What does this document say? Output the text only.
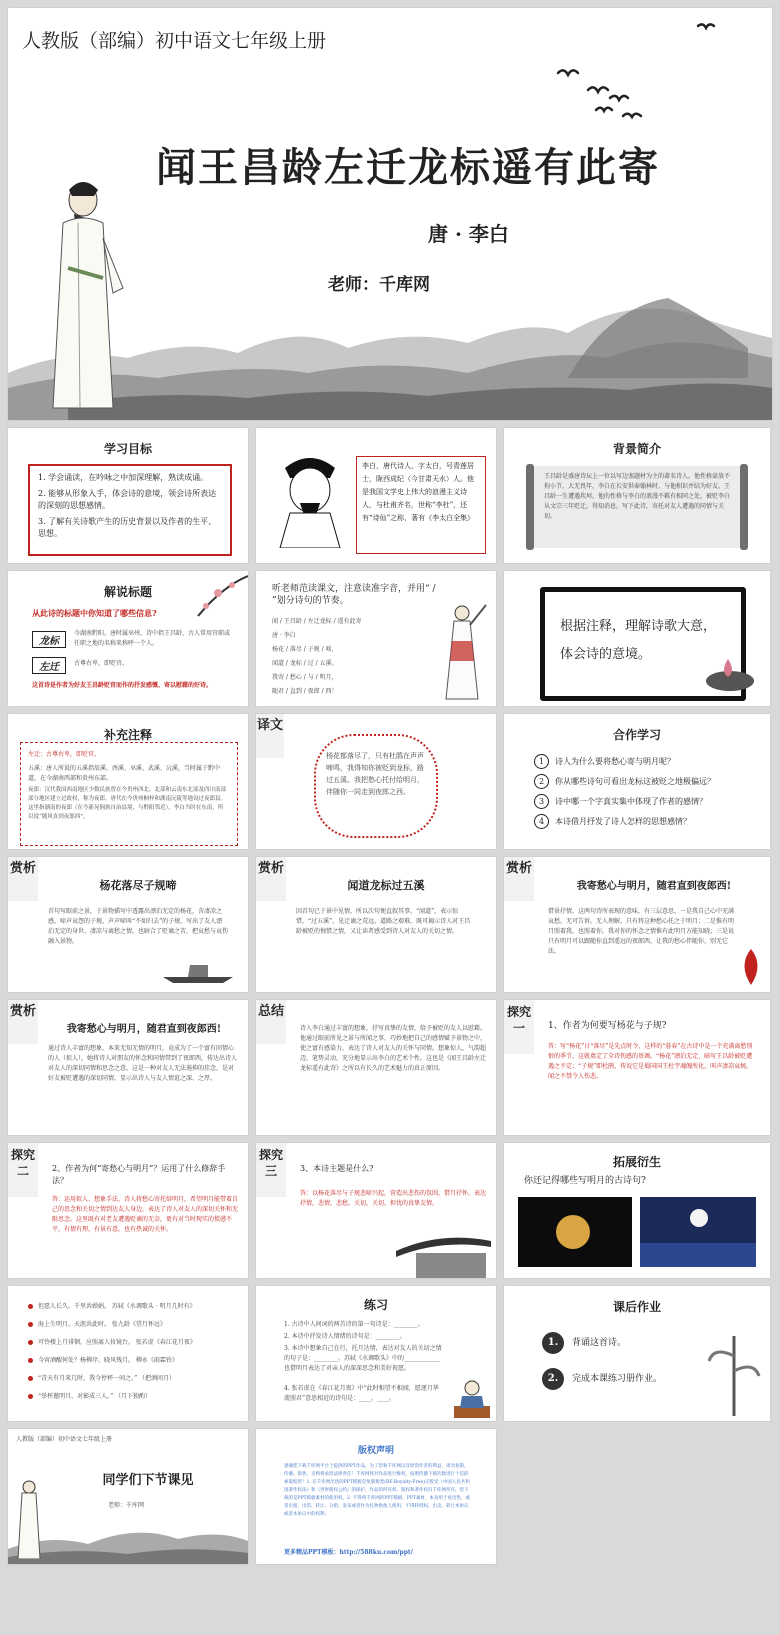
人教版（部编）初中语文七年级上册
闻王昌龄左迁龙标遥有此寄
唐 · 李白
老师：千库网
学习目标
1. 学会诵读，在吟咏之中加深理解，熟读成诵。
2. 能够从形象入手，体会诗的意境，领会诗所表达的深刻的思想感情。
3. 了解有关诗歌产生的历史背景以及作者的生平、思想。
李白，唐代诗人，字太白，号青莲居士，陇西成纪（今甘肃天水）人。他是我国文学史上伟大的浪漫主义诗人，与杜甫齐名，世称“李杜”，还有“诗仙”之称，著有《李太白全集》
背景简介
王昌龄是盛唐诗坛上一位以写边塞题材为主的著名诗人。他性格豪放不拘小节，大无畏年，李白在长安供奉翰林时，与他相识并结为好友。王昌龄一生遭遇坎坷，他的性格与李白的浪漫不羁有相同之处，被贬李白从文宗三年贬迁，得知消息，写下此诗，寄托对友人遭遇的同情与关切。
解说标题
从此诗的标题中你知道了哪些信息?
龙标
今湖南黔阳。唐时属巫州，诗中指王昌龄，古人常用官职或任职之地的名称来称呼一个人。
左迁	古尊右卑，即贬官。
这首诗是作者为好友王昌龄贬官而作的抒发感慨、寄以慰藉的好诗。
听老师范读课文，注意读准字音，并用“ / ”划分诗句的节奏。
闻 / 王昌龄 / 左迁龙标 / 遥有此寄
唐 · 李白
杨花 / 落尽 / 子规 / 啼，
闻道 / 龙标 / 过 / 五溪。
我寄 / 愁心 / 与 / 明月，
随君 / 直到 / 夜郎 / 西！
根据注释，理解诗歌大意，体会诗的意境。
补充注释
左迁：古尊右卑，即贬官。
五溪：唐人所说的五溪指辰溪、酉溪、巫溪、武溪、沅溪，当时属于黔中道，在今湖南西部和贵州东部。
夜郎：汉代我国西南地区少数民族曾在今贵州西北、北部和云南东北部及四川南部部分地区建立过政权，称为夜郎。唐代在今贵州桐梓和湖南沅陵等地设过夜郎县。这里指湖南的夜郎（在今新晃侗族自治县境，与黔阳邻近），李白当时在东南，所以说“随风直到夜郎西”。
译文
杨花都落尽了，只有杜鹃在声声啼鸣，我得知你被贬到龙标，路过五溪。我把愁心托付给明月，伴随你一同走到夜郎之西。
合作学习
1 诗人为什么要将愁心寄与明月呢？
2 你从哪些诗句可看出龙标这被贬之地极偏远？
3 诗中哪一个字真实集中体现了作者的感情？
4 本诗借月抒发了诗人怎样的思想感情？
赏析
杨花落尽子规啼
首句写眼前之景，于景物描写中透露出漂泊无定的杨花，含凄凉之感，啼声哀怨的子规，声声啼叫“不如归去”的子规，写出了友人漂泊无定的身世、凄凉与离愁之情，也暗合了贬谪之苦，把哀愁与哀伤融入景物。
赏析
闻道龙标过五溪
因首句已于景中见情，所以次句便直叙其事，“闻道”，表示惊惜，“过五溪”，见迁谪之荒远，道路之艰难，既可揭示诗人对王昌龄被贬的惋惜之情，又让读者感受到诗人对友人的关切之情。
赏析
我寄愁心与明月，随君直到夜郎西!
借景抒情，这两句诗所表现的意味，有三层意思，一是我自己心中充满哀愁，无可告诉，无人理解，只有将这种愁心托之于明月；二是惟有明月照着我，也照着你，我对你的怀念之情惟有此明月方能知晓；三是说只有明月可以跟随你直到遥远的夜郎西，让我的愁心伴随你，别无它法。
赏析
我寄愁心与明月，随君直到夜郎西!
通过诗人丰富的想象，本来无知无情的明月，竟成为了一个富有同情心的人（拟人），她将诗人对朋友的怀念和同情带到了夜郎西，传达出诗人对友人的深切同情和思念之意，这是一种对友人无法遏抑的挂念，是对好友被贬遭遇的深切同情，显示出诗人与友人情谊之深、之厚。
总结
诗人李白通过丰富的想象，抒写真挚的友情，给予被贬的友人以慰藉。他通过眼前所见之景与所闻之事，巧妙地把自己的感情赋予景物之中，使之富有感染力，表达了诗人对友人的关怀与同情。想象惊人，气韵超迈，笔势灵动，充分地显示出李白的艺术个性。这也是《闻王昌龄左迁龙标遥有此寄》之所以有长久的艺术魅力的真正原因。
探究一	1、作者为何要写杨花与子规?
答：写“杨花”日“落尽”是先点时令，这样的“暮春”在古诗中是一个充满离愁别恨的季节，这就奠定了全诗伤感的基调。“杨花”漂泊无定，暗写王昌龄被贬遭遇之不定；“子规”即杜鹃，传说它是蜀国国王杜宇魂魄所化，叫声凄凉哀婉，闻之不禁令人伤悲。
探究二	2、作者为何“寄愁心与明月”？运用了什么修辞手法？
答：运用拟人、想象手法，诗人将愁心寄托给明月，希望明月能带着自己的思念和关切之情到达友人身边，表达了诗人对友人的深切关怀和无限思念。这里既有对老友遭遇贬谪的无奈，更有对当时现实的愤懑不平，有情有理，有景有意，也有热诚的关怀。
探究三	3、本诗主题是什么?
答：以杨花落尽与子规悲啼兴起，营造出悲伤的氛围，借月抒怀，表达抒情，悲情，悲愁，关切，关切，担忧的真挚友情。
拓展衍生
你还记得哪些写明月的古诗句?
但愿人长久，千里共婵娟。 苏轼《水调歌头 · 明月几时有》
海上生明月，天涯共此时。 张九龄《望月怀远》
可怜楼上月徘徊，应照离人妆镜台。 张若虚《春江花月夜》
今宵酒醒何处？杨柳岸、晓风残月。 柳永《雨霖铃》
“青天有月来几时，我今停杯一问之。” （把酒问月）
“举杯邀明月，对影成三人。” （月下独酌）
练习
1. 古诗中人间词的两首诗的第一句诗是：________。
2. 本诗中抒发诗人情绪的诗句是：________。
3. 本诗中想象自己在行，托月达情，表达对友人的关切之情的句子是：________。苏轼《水调歌头》中的____________也借明月表达了对亲人的深深思念和美好祝愿。
4. 张若虚在《春江花月夜》中“此时相望不相闻，愿逐月华流照君”意思相近的诗句是：____，____。
课后作业
1. 背诵这首诗。
2. 完成本课练习册作业。
人教版（部编）初中语文七年级上册
同学们下节课见
老师：千库网
版权声明
感谢您下载千库网平台上提供的PPT作品，为了您和千库网以及原创作者的利益，请勿复制、传播、销售，否则将承担法律责任！千库网将对作品进行维权，按照传播下载次数进行十倍的索取赔偿！1. 在千库网出售的PPT模板是免版税类(RF:Royalty-Free)正版受《中国人民共和国著作权法》和《世界版权公约》的保护，作品的所有权、版权和著作权归千库网所有，您下载的是PPT模板素材的使用权。2. 不得将千库网的PPT模板、PPT素材，本身用于再出售，或者出租、出借、转让、分销、发布或者作为礼物供他人使用，不得转授权、出卖、转让本协议或者本协议中的权利。
更多精品PPT模板：http://588ku.com/ppt/
